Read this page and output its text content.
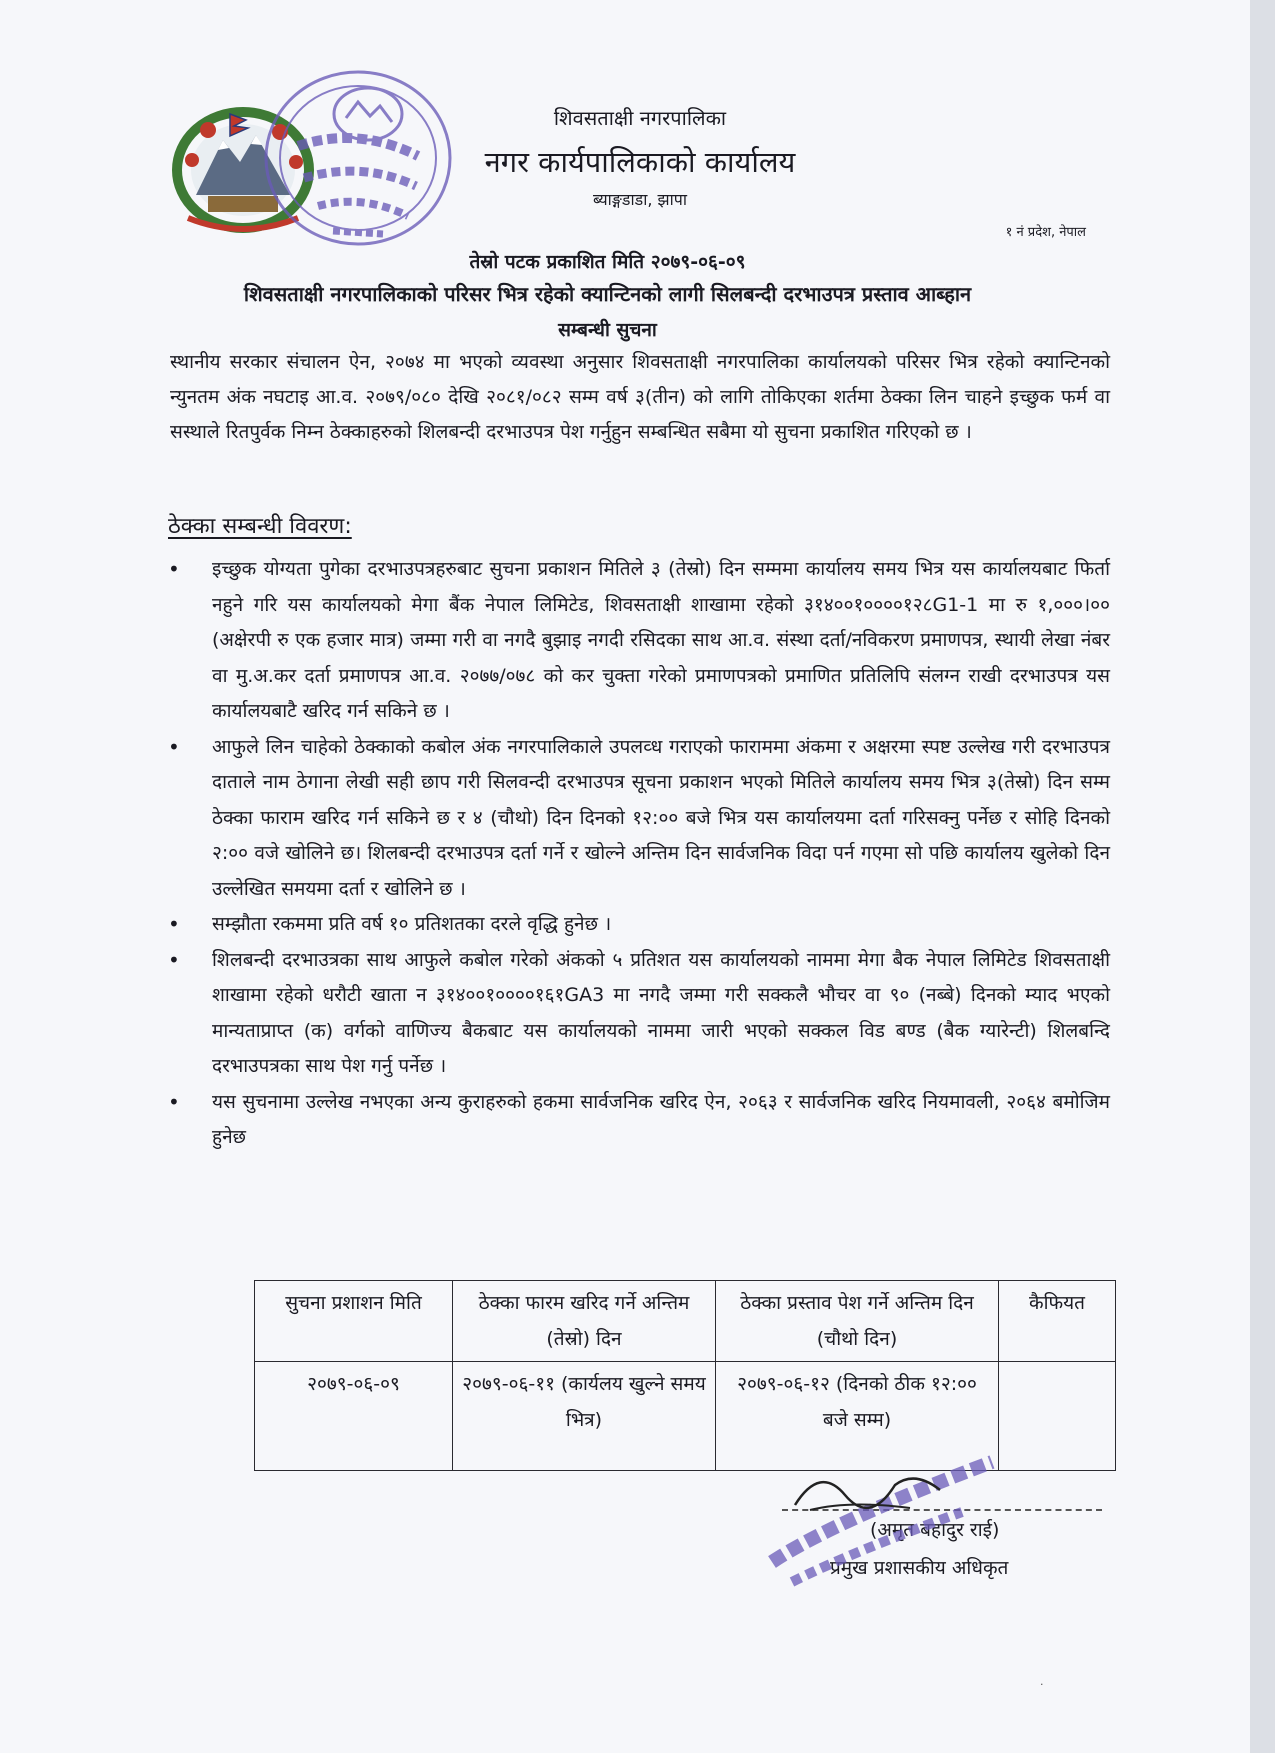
शिवसताक्षी नगरपालिका
नगर कार्यपालिकाको कार्यालय
ब्याङ्गडाडा, झापा
१ नं प्रदेश, नेपाल
तेस्रो पटक प्रकाशित मिति २०७९-०६-०९
शिवसताक्षी नगरपालिकाको परिसर भित्र रहेको क्यान्टिनको लागी सिलबन्दी दरभाउपत्र प्रस्ताव आब्हान
सम्बन्धी सुचना

स्थानीय सरकार संचालन ऐन, २०७४ मा भएको व्यवस्था अनुसार शिवसताक्षी नगरपालिका कार्यालयको परिसर भित्र रहेको क्यान्टिनको न्युनतम अंक नघटाइ आ.व. २०७९/०८० देखि २०८१/०८२ सम्म वर्ष ३(तीन) को लागि तोकिएका शर्तमा ठेक्का लिन चाहने इच्छुक फर्म वा सस्थाले रितपुर्वक निम्न ठेक्काहरुको शिलबन्दी दरभाउपत्र पेश गर्नुहुन सम्बन्धित सबैमा यो सुचना प्रकाशित गरिएको छ ।

ठेक्का सम्बन्धी विवरण:
• इच्छुक योग्यता पुगेका दरभाउपत्रहरुबाट सुचना प्रकाशन मितिले ३ (तेस्रो) दिन सम्ममा कार्यालय समय भित्र यस कार्यालयबाट फिर्ता नहुने गरि यस कार्यालयको मेगा बैंक नेपाल लिमिटेड, शिवसताक्षी शाखामा रहेको ३१४००१००००१२८G1-1 मा रु १,०००।०० (अक्षेरपी रु एक हजार मात्र) जम्मा गरी वा नगदै बुझाइ नगदी रसिदका साथ आ.व. संस्था दर्ता/नविकरण प्रमाणपत्र, स्थायी लेखा नंबर वा मु.अ.कर दर्ता प्रमाणपत्र आ.व. २०७७/०७८ को कर चुक्ता गरेको प्रमाणपत्रको प्रमाणित प्रतिलिपि संलग्न राखी दरभाउपत्र यस कार्यालयबाटै खरिद गर्न सकिने छ ।
• आफुले लिन चाहेको ठेक्काको कबोल अंक नगरपालिकाले उपलव्ध गराएको फाराममा अंकमा र अक्षरमा स्पष्ट उल्लेख गरी दरभाउपत्र दाताले नाम ठेगाना लेखी सही छाप गरी सिलवन्दी दरभाउपत्र सूचना प्रकाशन भएको मितिले कार्यालय समय भित्र ३(तेस्रो) दिन सम्म ठेक्का फाराम खरिद गर्न सकिने छ र ४ (चौथो) दिन दिनको १२:०० बजे भित्र यस कार्यालयमा दर्ता गरिसक्नु पर्नेछ र सोहि दिनको २:०० वजे खोलिने छ। शिलबन्दी दरभाउपत्र दर्ता गर्ने र खोल्ने अन्तिम दिन सार्वजनिक विदा पर्न गएमा सो पछि कार्यालय खुलेको दिन उल्लेखित समयमा दर्ता र खोलिने छ ।
• सम्झौता रकममा प्रति वर्ष १० प्रतिशतका दरले वृद्धि हुनेछ ।
• शिलबन्दी दरभाउत्रका साथ आफुले कबोल गरेको अंकको ५ प्रतिशत यस कार्यालयको नाममा मेगा बैक नेपाल लिमिटेड शिवसताक्षी शाखामा रहेको धरौटी खाता न ३१४००१००००१६१GA3 मा नगदै जम्मा गरी सक्कलै भौचर वा ९० (नब्बे) दिनको म्याद भएको मान्यताप्राप्त (क) वर्गको वाणिज्य बैकबाट यस कार्यालयको नाममा जारी भएको सक्कल विड बण्ड (बैक ग्यारेन्टी) शिलबन्दि दरभाउपत्रका साथ पेश गर्नु पर्नेछ ।
• यस सुचनामा उल्लेख नभएका अन्य कुराहरुको हकमा सार्वजनिक खरिद ऐन, २०६३ र सार्वजनिक खरिद नियमावली, २०६४ बमोजिम हुनेछ
सुचना प्रशाशन मिति	ठेक्का फारम खरिद गर्ने अन्तिम (तेस्रो) दिन	ठेक्का प्रस्ताव पेश गर्ने अन्तिम दिन (चौथो दिन)	कैफियत
२०७९-०६-०९	२०७९-०६-११ (कार्यलय खुल्ने समय भित्र)	२०७९-०६-१२ (दिनको ठीक १२:०० बजे सम्म)	
(अमृत बहादुर राई)
प्रमुख प्रशासकीय अधिकृत
·
